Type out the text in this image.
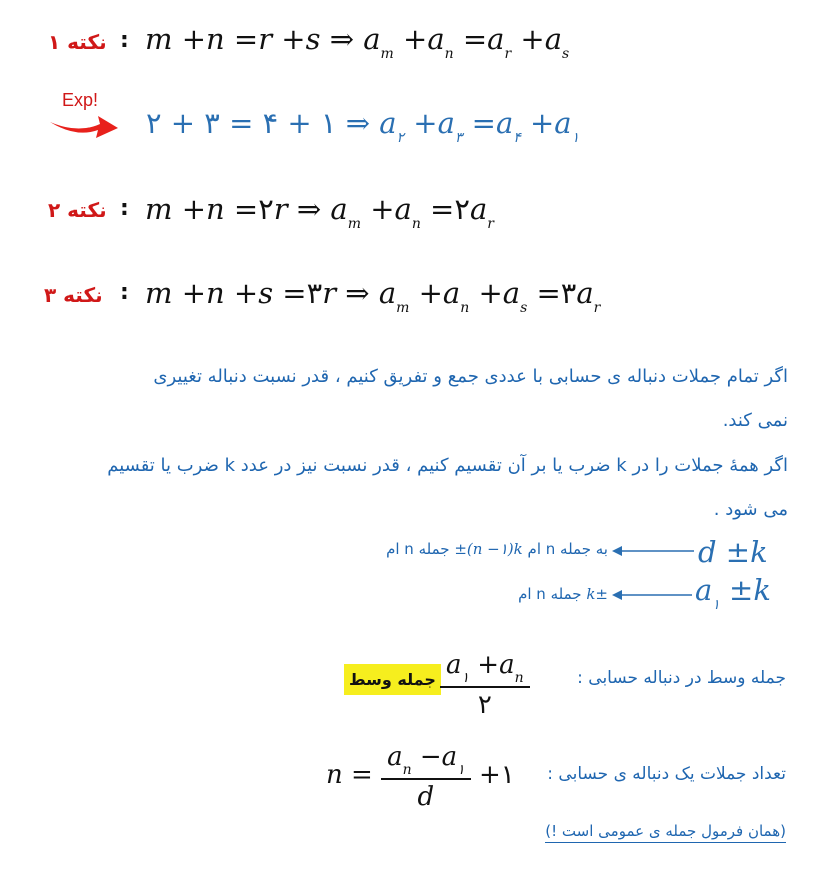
نکته ۱ : m +n =r +s ⇒ $a_m +a_n =a_r +a_s$
Exp!
۲ + ۳ = ۴ + ۱ ⇒ $a_۲ +a_۳ =a_۴ +a_۱$
نکته ۲ : m +n =۲r ⇒ $a_m +a_n$ $=۲a_r$
نکته ۳ : m +n +s =۳r ⇒ $a_m +a_n +a_s$ $=۳a_r$
اگر تمام جملات دنباله ی حسابی با عددی جمع و تفریق کنیم ، قدر نسبت دنباله تغییری
نمی کند.
اگر همهٔ جملات را در k ضرب یا بر آن تقسیم کنیم ، قدر نسبت نیز در عدد k ضرب یا تقسیم
می شود .
d ±k
به جمله n ام ±(n −۱)k جمله n ام
$a_۱ \pm k$
±k جمله n ام
جمله وسط $\frac{a_۱ +a_n}{۲}$	جمله وسط در دنباله حسابی :
$n = \frac{a_n -a_۱}{d}$ +۱ تعداد جملات یک دنباله ی حسابی :
(همان فرمول جمله ی عمومی است !)
